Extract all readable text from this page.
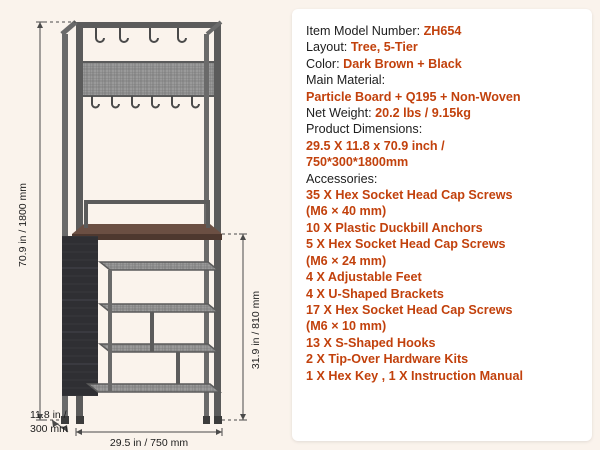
70.9 in / 1800 mm
31.9 in / 810 mm
11.8 in /
300 mm
29.5 in / 750 mm
Item Model Number: ZH654
Layout: Tree, 5-Tier
Color: Dark Brown + Black
Main Material:
Particle Board + Q195 + Non-Woven
Net Weight: 20.2 lbs / 9.15kg
Product Dimensions:
29.5 X 11.8 x 70.9 inch /
750*300*1800mm
Accessories:
35 X Hex Socket Head Cap Screws
(M6 × 40 mm)
10 X Plastic Duckbill Anchors
5 X Hex Socket Head Cap Screws
(M6 × 24 mm)
4 X Adjustable Feet
4 X U-Shaped Brackets
17 X Hex Socket Head Cap Screws
(M6 × 10 mm)
13 X S-Shaped Hooks
2 X Tip-Over Hardware Kits
1 X Hex Key , 1 X Instruction Manual
